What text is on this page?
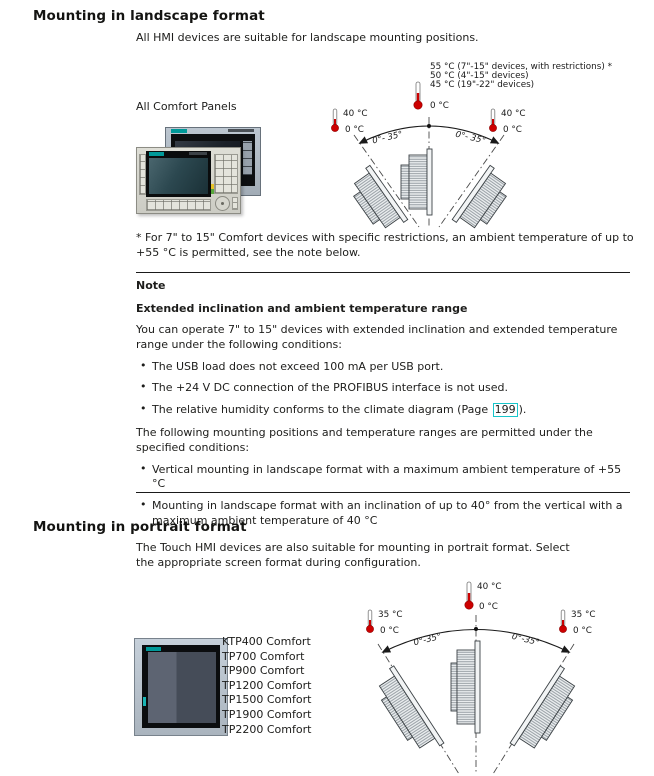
Mounting in landscape format

All HMI devices are suitable for landscape mounting positions.

All Comfort Panels
0°- 35°	0°- 35°
55 °C (7"-15" devices, with restrictions) *
50 °C (4"-15" devices)
45 °C (19"-22" devices)
0 °C
40 °C
0 °C
40 °C
0 °C

* For 7" to 15" Comfort devices with specific restrictions, an ambient temperature of up to
+55 °C is permitted, see the note below.

Note
Extended inclination and ambient temperature range

You can operate 7" to 15" devices with extended inclination and extended temperature range under the following conditions:

• The USB load does not exceed 100 mA per USB port.
• The +24 V DC connection of the PROFIBUS interface is not used.
• The relative humidity conforms to the climate diagram (Page 199 ).

The following mounting positions and temperature ranges are permitted under the specified conditions:

• Vertical mounting in landscape format with a maximum ambient temperature of +55 °C
• Mounting in landscape format with an inclination of up to 40° from the vertical with a maximum ambient temperature of 40 °C
Mounting in portrait format

The Touch HMI devices are also suitable for mounting in portrait format. Select the appropriate screen format during configuration.

KTP400 Comfort
TP700 Comfort
TP900 Comfort
TP1200 Comfort
TP1500 Comfort
TP1900 Comfort
TP2200 Comfort
0°-35°	0°-35°
40 °C
0 °C
35 °C
0 °C
35 °C
0 °C
